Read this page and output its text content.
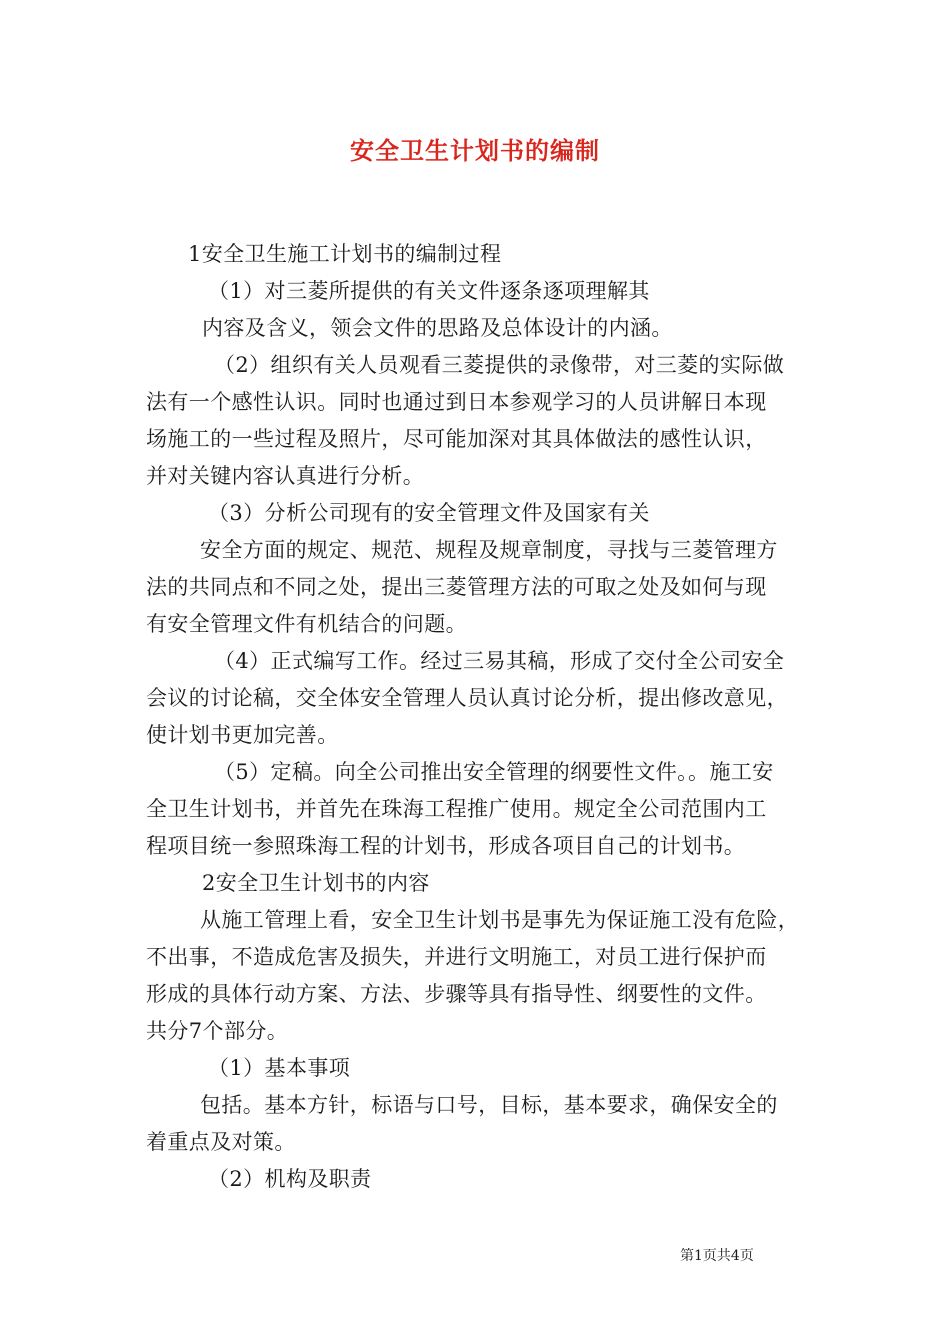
安全卫生计划书的编制
1安全卫生施工计划书的编制过程
（1）对三菱所提供的有关文件逐条逐项理解其
内容及含义，领会文件的思路及总体设计的内涵。
（2）组织有关人员观看三菱提供的录像带，对三菱的实际做
法有一个感性认识。同时也通过到日本参观学习的人员讲解日本现
场施工的一些过程及照片，尽可能加深对其具体做法的感性认识，
并对关键内容认真进行分析。
（3）分析公司现有的安全管理文件及国家有关
安全方面的规定、规范、规程及规章制度，寻找与三菱管理方
法的共同点和不同之处，提出三菱管理方法的可取之处及如何与现
有安全管理文件有机结合的问题。
（4）正式编写工作。经过三易其稿，形成了交付全公司安全
会议的讨论稿，交全体安全管理人员认真讨论分析，提出修改意见，
使计划书更加完善。
（5）定稿。向全公司推出安全管理的纲要性文件。。施工安
全卫生计划书，并首先在珠海工程推广使用。规定全公司范围内工
程项目统一参照珠海工程的计划书，形成各项目自己的计划书。
2安全卫生计划书的内容
从施工管理上看，安全卫生计划书是事先为保证施工没有危险，
不出事，不造成危害及损失，并进行文明施工，对员工进行保护而
形成的具体行动方案、方法、步骤等具有指导性、纲要性的文件。
共分7个部分。
（1）基本事项
包括。基本方针，标语与口号，目标，基本要求，确保安全的
着重点及对策。
（2）机构及职责
第1页共4页
